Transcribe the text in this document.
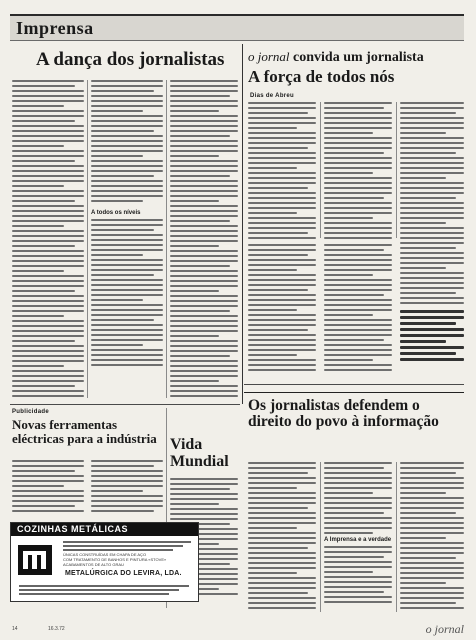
Imprensa
A dança dos jornalistas
A todos os níveis
o jornal convida um jornalista
A força de todos nós
Dias de Abreu
Publicidade
Novas ferramentas eléctricas para a indústria Vida Mundial
COZINHAS METÁLICAS
ÚNICAS CONSTRUÍDAS EM CHAPA DE AÇO
COM TRATAMENTO DE BANHOS E PINTURA «STOVE»
ACABAMENTOS DE ALTO GRAU
METALÚRGICA DO LEVIRA, LDA.
Os jornalistas defendem o direito do povo à informação
A Imprensa e a verdade
14	16.3.72	o jornal
